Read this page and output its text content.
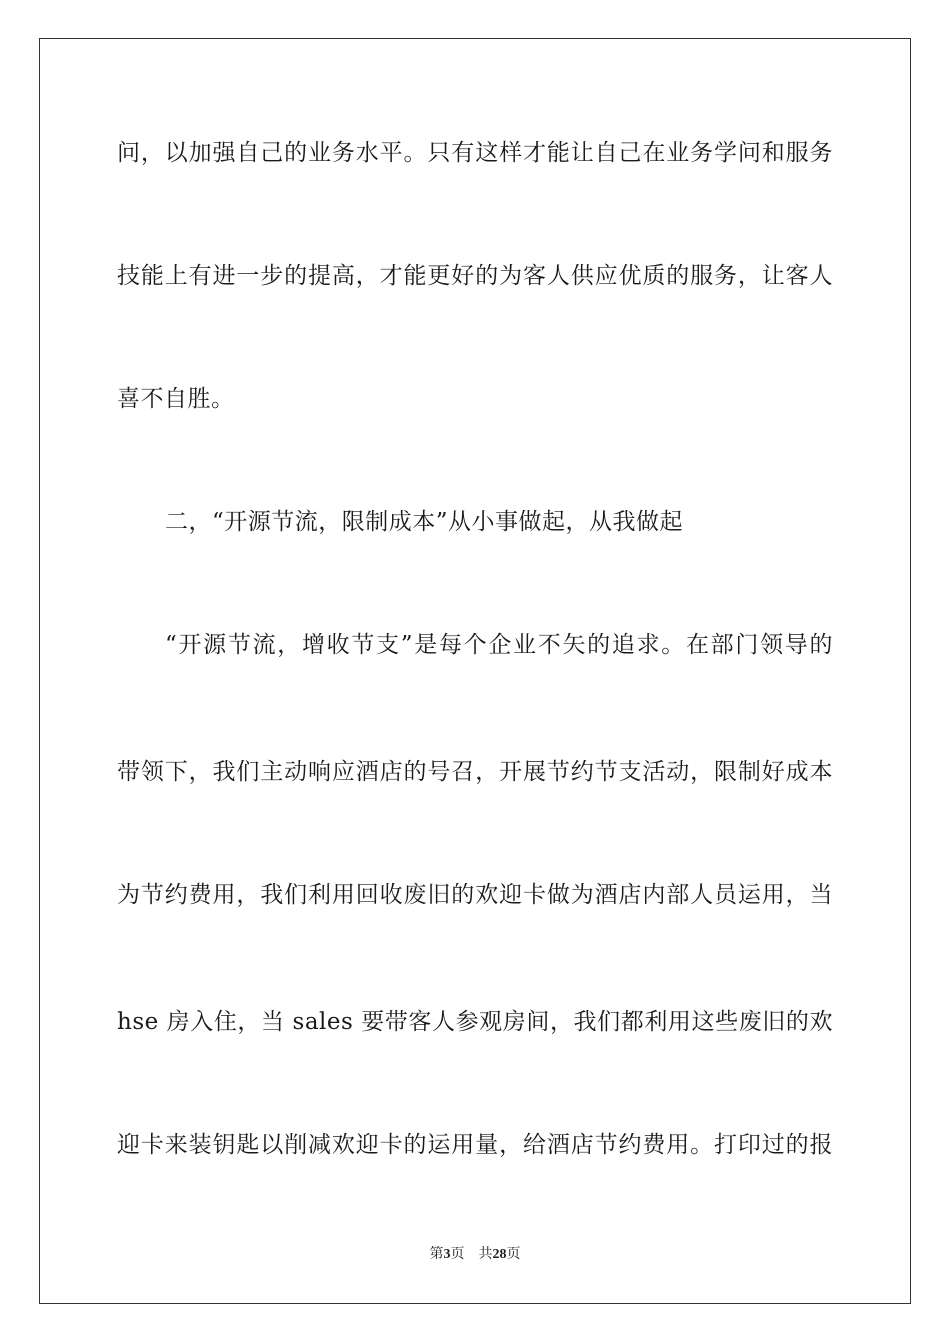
问，以加强自己的业务水平。只有这样才能让自己在业务学问和服务
技能上有进一步的提高，才能更好的为客人供应优质的服务，让客人
喜不自胜。
二，“开源节流，限制成本”从小事做起，从我做起
“开源节流，增收节支”是每个企业不矢的追求。在部门领导的
带领下，我们主动响应酒店的号召，开展节约节支活动，限制好成本
为节约费用，我们利用回收废旧的欢迎卡做为酒店内部人员运用，当
hse 房入住，当 sales 要带客人参观房间，我们都利用这些废旧的欢
迎卡来装钥匙以削减欢迎卡的运用量，给酒店节约费用。打印过的报
第3页 共28页
